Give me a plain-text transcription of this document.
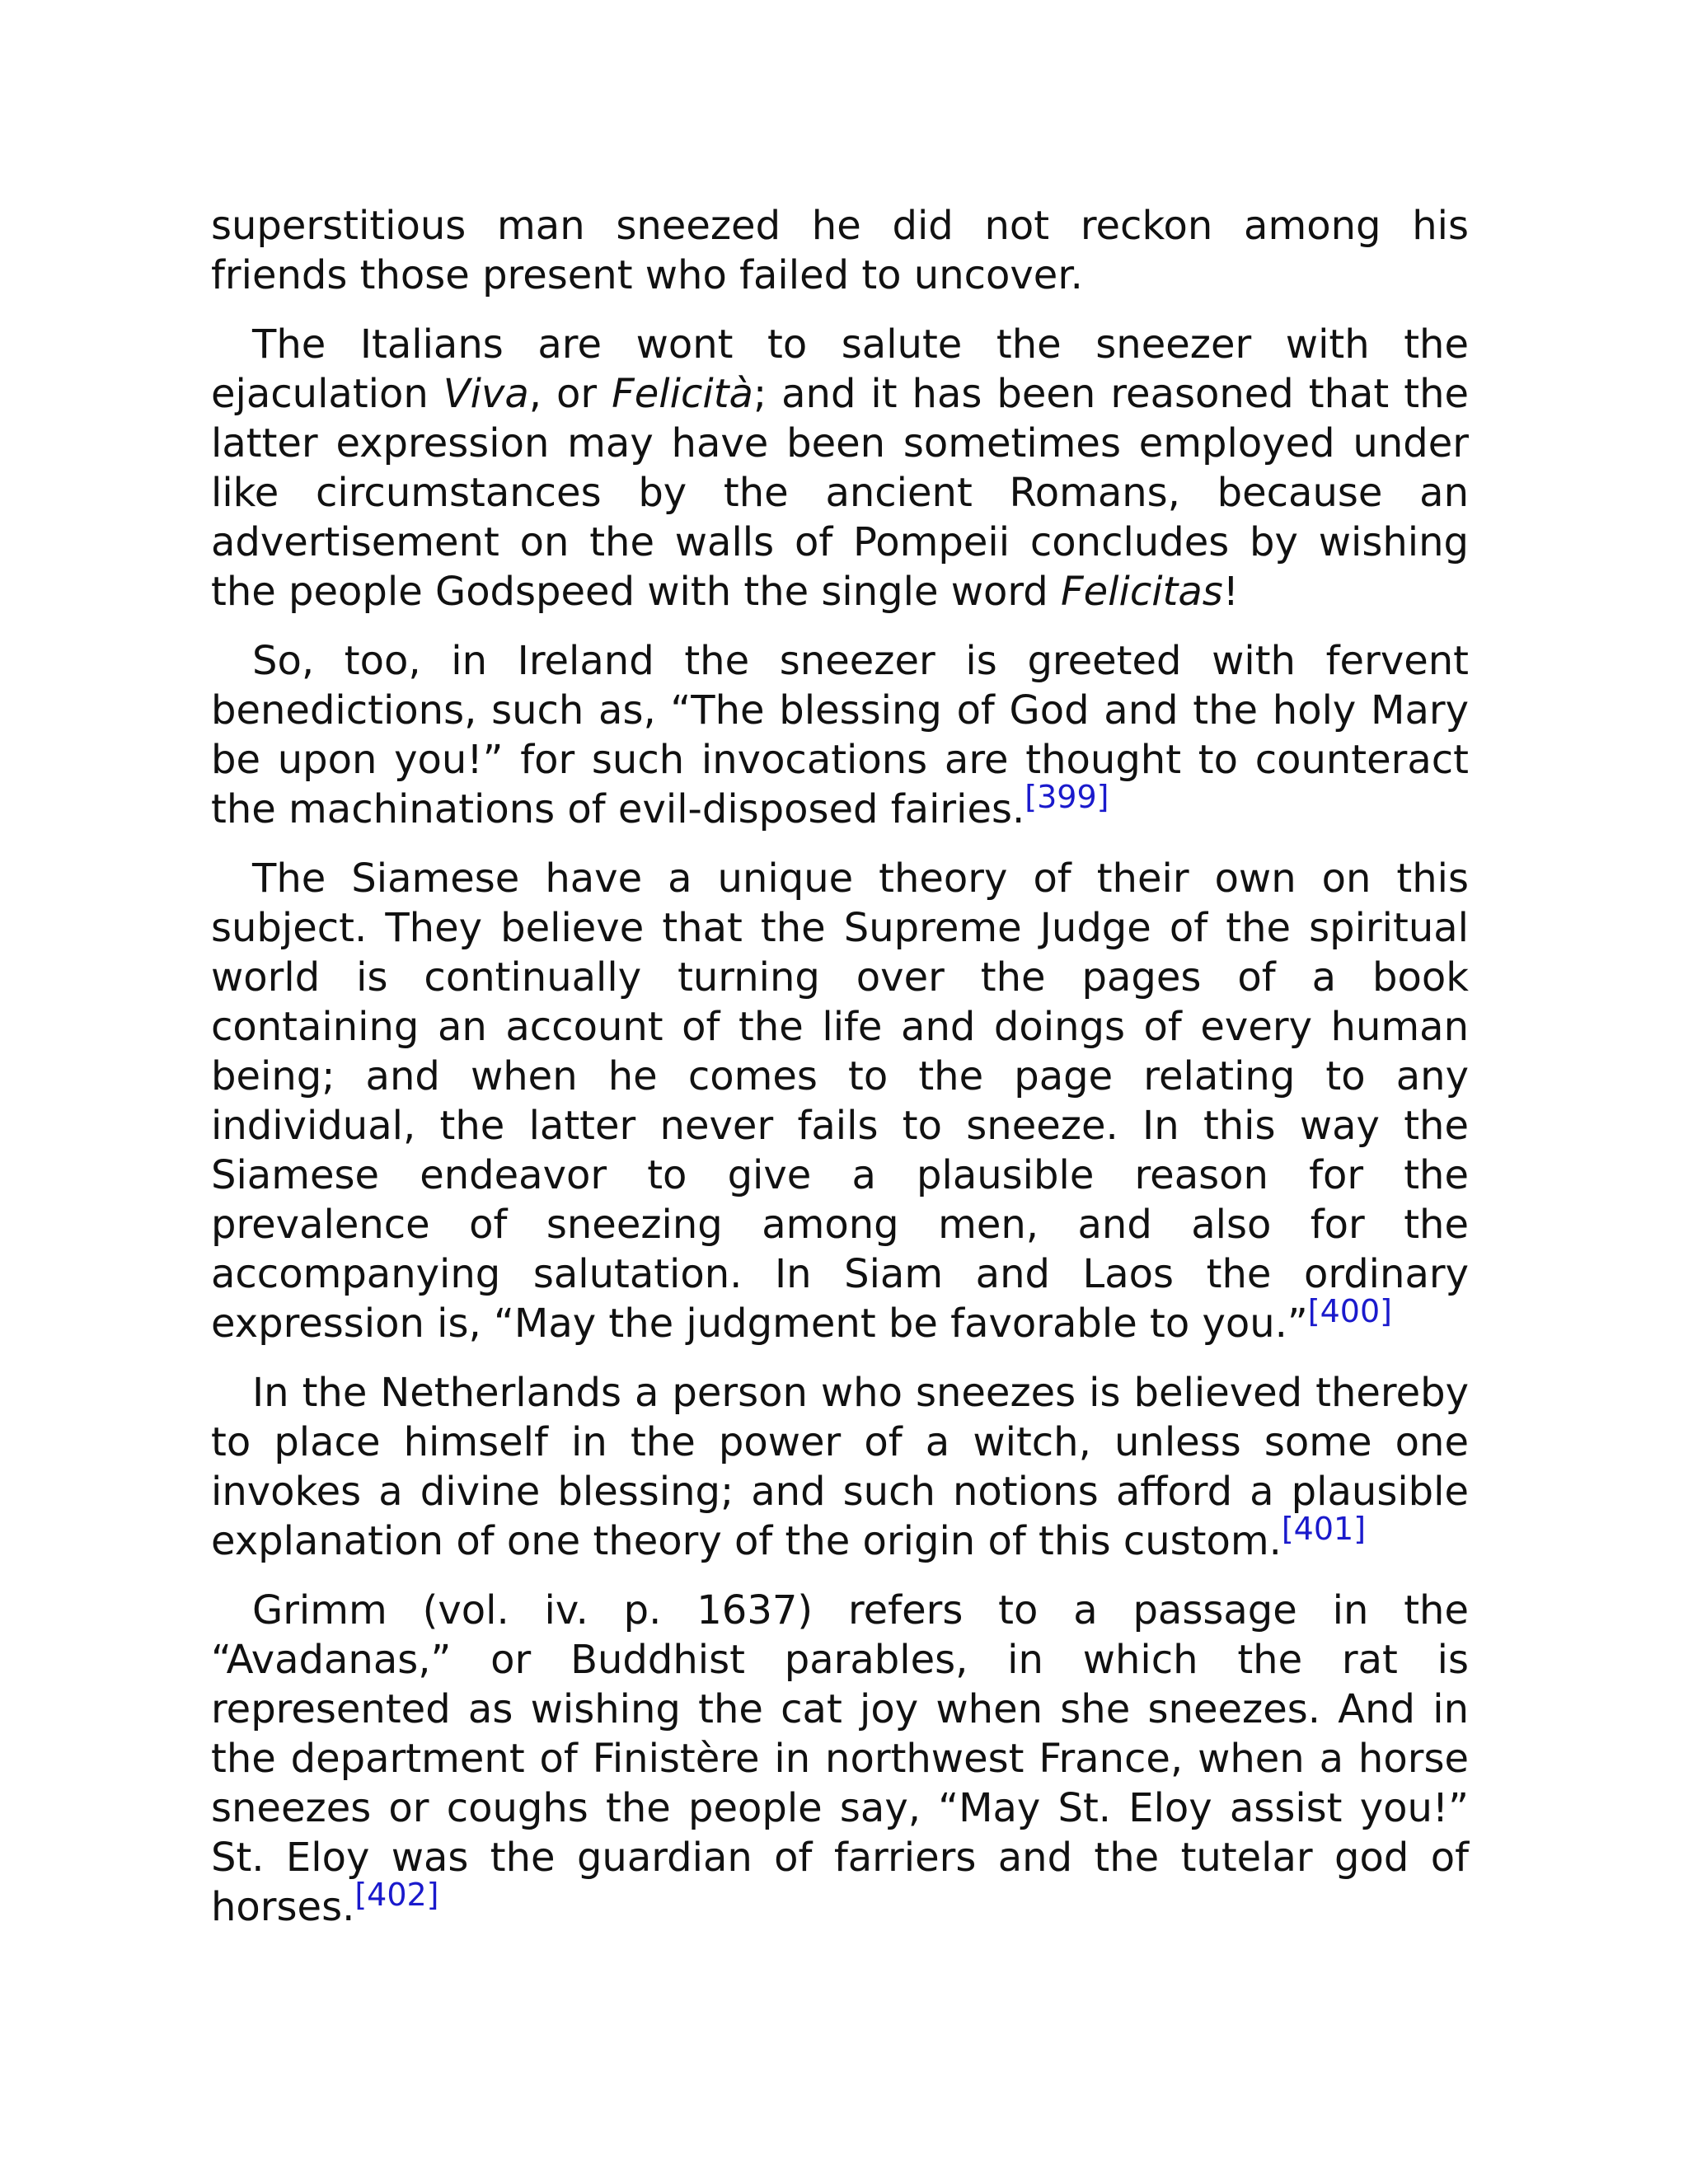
superstitious man sneezed he did not reckon among his friends those present who failed to uncover.

The Italians are wont to salute the sneezer with the ejaculation Viva, or Felicità; and it has been reasoned that the latter expression may have been sometimes employed under like circumstances by the ancient Romans, because an advertisement on the walls of Pompeii concludes by wishing the people Godspeed with the single word Felicitas!

So, too, in Ireland the sneezer is greeted with fervent benedictions, such as, “The blessing of God and the holy Mary be upon you!” for such invocations are thought to counteract the machinations of evil-disposed fairies.[399]

The Siamese have a unique theory of their own on this subject. They believe that the Supreme Judge of the spiritual world is continually turning over the pages of a book containing an account of the life and doings of every human being; and when he comes to the page relating to any individual, the latter never fails to sneeze. In this way the Siamese endeavor to give a plausible reason for the prevalence of sneezing among men, and also for the accompanying salutation. In Siam and Laos the ordinary expression is, “May the judgment be favorable to you.”[400]

In the Netherlands a person who sneezes is believed thereby to place himself in the power of a witch, unless some one invokes a divine blessing; and such notions afford a plausible explanation of one theory of the origin of this custom.[401]

Grimm (vol. iv. p. 1637) refers to a passage in the “Avadanas,” or Buddhist parables, in which the rat is represented as wishing the cat joy when she sneezes. And in the department of Finistère in northwest France, when a horse sneezes or coughs the people say, “May St. Eloy assist you!” St. Eloy was the guardian of farriers and the tutelar god of horses.[402]
